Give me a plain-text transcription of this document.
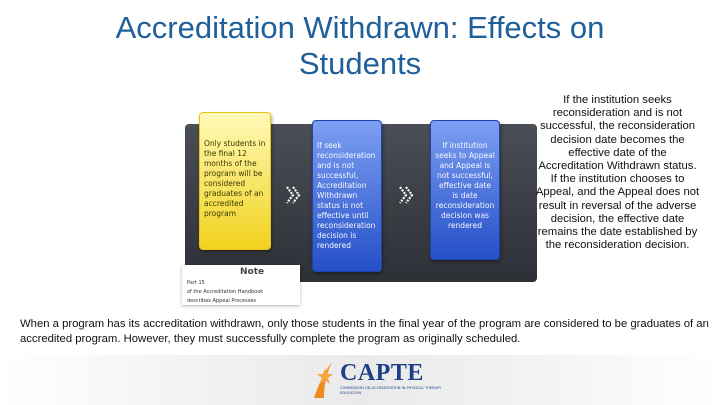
Accreditation Withdrawn: Effects on
Students
Only students in the final 12 months of the program will be considered graduates of an accredited program
If seek reconsideration and is not successful, Accreditation Withdrawn status is not effective until reconsideration decision is rendered
If institution seeks to Appeal and Appeal is not successful, effective date is date reconsideration decision was rendered
Note
Part 15
of the Accreditation Handbook
describes Appeal Processes
If the institution seeks reconsideration and is not successful, the reconsideration decision date becomes the effective date of the Accreditation Withdrawn status. If the institution chooses to Appeal, and the Appeal does not result in reversal of the adverse decision, the effective date remains the date established by the reconsideration decision.
When a program has its accreditation withdrawn, only those students in the final year of the program are considered to be graduates of an accredited program. However, they must successfully complete the program as originally scheduled.
CAPTE
COMMISSION ON ACCREDITATION IN PHYSICAL THERAPY EDUCATION
